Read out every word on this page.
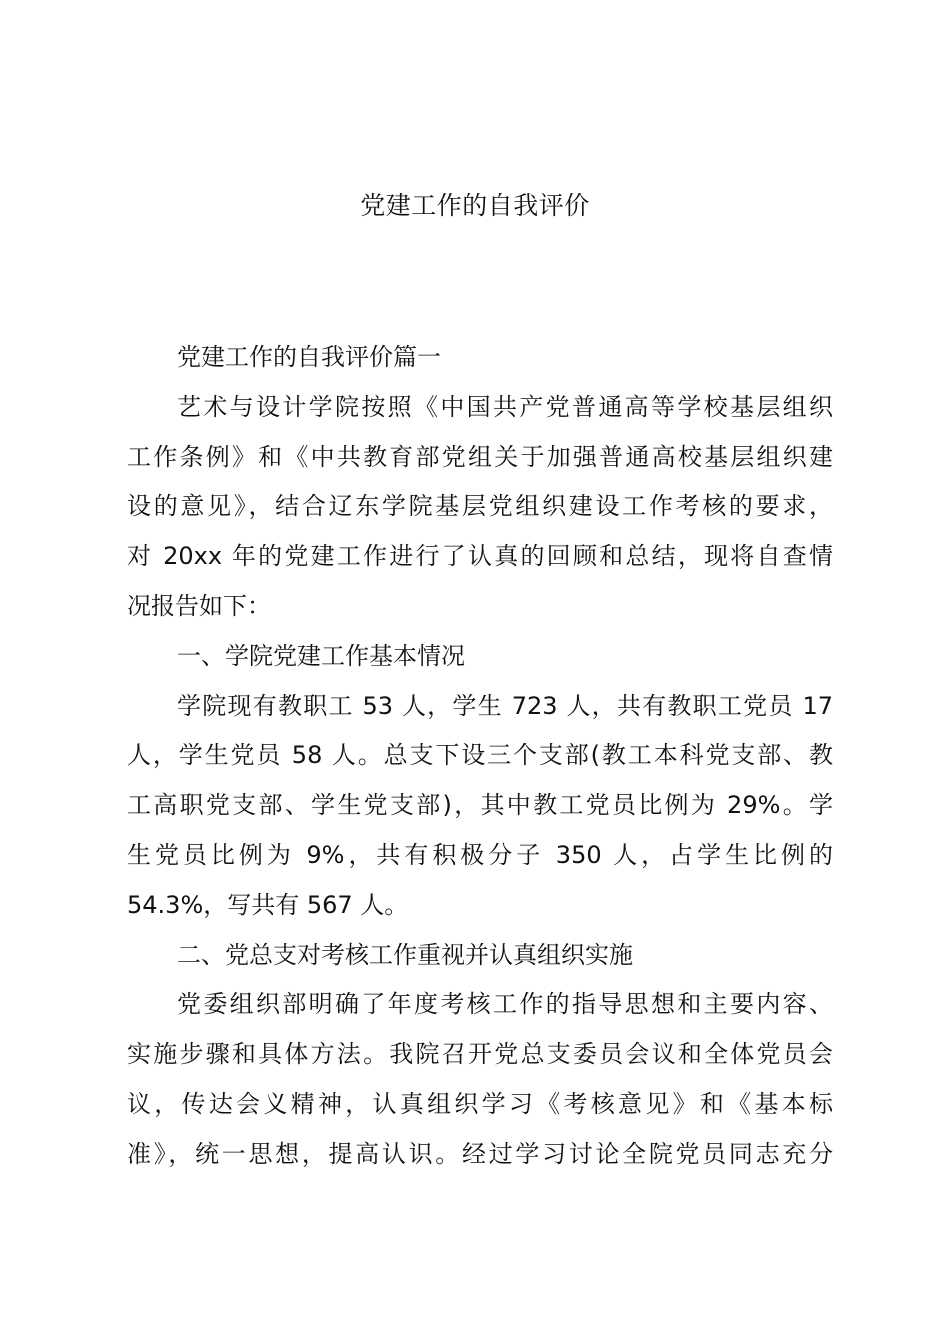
党建工作的自我评价
党建工作的自我评价篇一
艺术与设计学院按照《中国共产党普通高等学校基层组织
工作条例》和《中共教育部党组关于加强普通高校基层组织建
设的意见》，结合辽东学院基层党组织建设工作考核的要求，
对 20xx 年的党建工作进行了认真的回顾和总结，现将自查情
况报告如下：
一、学院党建工作基本情况
学院现有教职工 53 人，学生 723 人，共有教职工党员 17
人，学生党员 58 人。总支下设三个支部(教工本科党支部、教
工高职党支部、学生党支部)，其中教工党员比例为 29%。学
生党员比例为 9%，共有积极分子 350 人，占学生比例的
54.3%，写共有 567 人。
二、党总支对考核工作重视并认真组织实施
党委组织部明确了年度考核工作的指导思想和主要内容、
实施步骤和具体方法。我院召开党总支委员会议和全体党员会
议，传达会义精神，认真组织学习《考核意见》和《基本标
准》，统一思想，提高认识。经过学习讨论全院党员同志充分
